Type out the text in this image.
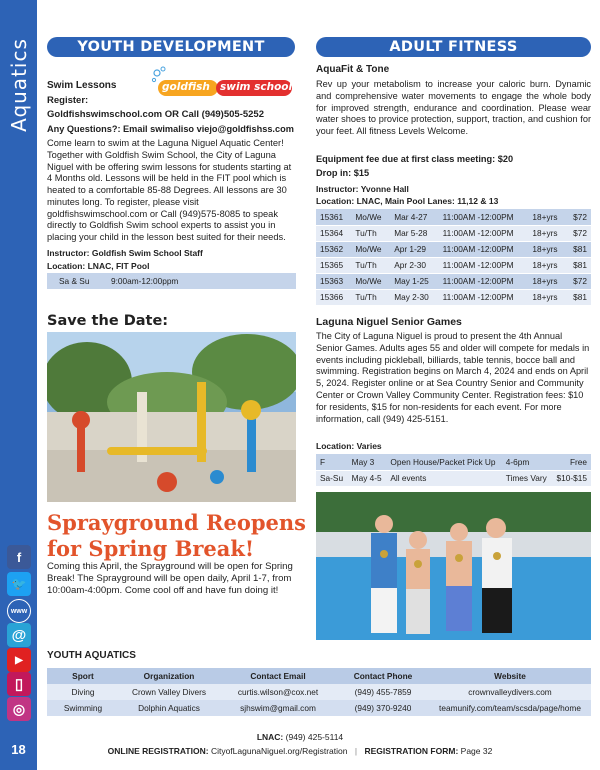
Aquatics
f
🐦
www
@
▶
▯
◎
18
YOUTH DEVELOPMENT
Swim Lessons	goldfish swim school
Register:
Goldfishswimschool.com OR Call (949)505-5252
Any Questions?: Email swimaliso viejo@goldfishss.com
Come learn to swim at the Laguna Niguel Aquatic Center! Together with Goldfish Swim School, the City of Laguna Niguel with be offering swim lessons for students starting at 4 Months old. Lessons will be held in the FIT pool which is heated to a comfortable 85-88 Degrees. All lessons are 30 minutes long. To register, please visit goldfishswimschool.com or Call (949)575-8085 to speak directly to Goldfish Swim school experts to assist you in placing your child in the lesson best suited for their needs.
Instructor: Goldfish Swim School Staff
Location: LNAC, FIT Pool
Sa & Su	9:00am-12:00ppm
Save the Date:
Sprayground Reopens
for Spring Break!
Coming this April, the Sprayground will be open for Spring Break! The Sprayground will be open daily, April 1-7, from 10:00am-4:00pm. Come cool off and have fun doing it!
ADULT FITNESS
AquaFit & Tone
Rev up your metabolism to increase your caloric burn. Dynamic and comprehensive water movements to engage the whole body for improved strength, endurance and coordination. Please wear water shoes to provice protection, support, traction, and cushion for your feet. All fitness Levels Welcome.
Equipment fee due at first class meeting: $20
Drop in: $15
Instructor: Yvonne Hall
Location: LNAC, Main Pool Lanes: 11,12 & 13
15361	Mo/We	Mar 4-27	11:00AM -12:00PM	18+yrs	$72
15364	Tu/Th	Mar 5-28	11:00AM -12:00PM	18+yrs	$72
15362	Mo/We	Apr 1-29	11:00AM -12:00PM	18+yrs	$81
15365	Tu/Th	Apr 2-30	11:00AM -12:00PM	18+yrs	$81
15363	Mo/We	May 1-25	11:00AM -12:00PM	18+yrs	$72
15366	Tu/Th	May 2-30	11:00AM -12:00PM	18+yrs	$81
Laguna Niguel Senior Games
The City of Laguna Niguel is proud to present the 4th Annual Senior Games. Adults ages 55 and older will compete for medals in events including pickleball, billiards, table tennis, bocce ball and swimming. Registration begins on March 4, 2024 and ends on April 5, 2024. Register online or at Sea Country Senior and Community Center or Crown Valley Community Center. Registration fees: $10 for residents, $15 for non-residents for each event. For more information, call (949) 425-5151.
Location: Varies
F	May 3	Open House/Packet Pick Up	4-6pm	Free
Sa-Su	May 4-5	All events	Times Vary	$10-$15
YOUTH AQUATICS
Sport	Organization	Contact Email	Contact Phone	Website
Diving	Crown Valley Divers	curtis.wilson@cox.net	(949) 455-7859	crownvalleydivers.com
Swimming	Dolphin Aquatics	sjhswim@gmail.com	(949) 370-9240	teamunify.com/team/scsda/page/home
LNAC: (949) 425-5114
ONLINE REGISTRATION: CityofLagunaNiguel.org/Registration | REGISTRATION FORM: Page 32
